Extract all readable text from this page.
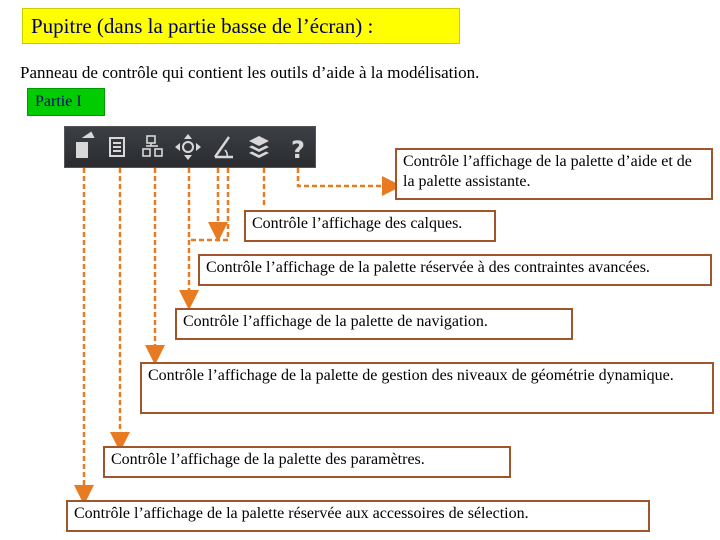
Pupitre (dans la partie basse de l’écran) :
Panneau de contrôle qui contient les outils d’aide à la modélisation.
Partie I
?	Contrôle l’affichage de la palette d’aide et de la palette assistante.
Contrôle l’affichage des calques.
Contrôle l’affichage de la palette réservée à des contraintes avancées.
Contrôle l’affichage de la palette de navigation.
Contrôle l’affichage de la palette de gestion des niveaux de géométrie dynamique.
Contrôle l’affichage de la palette des paramètres.
Contrôle l’affichage de la palette réservée aux accessoires de sélection.
